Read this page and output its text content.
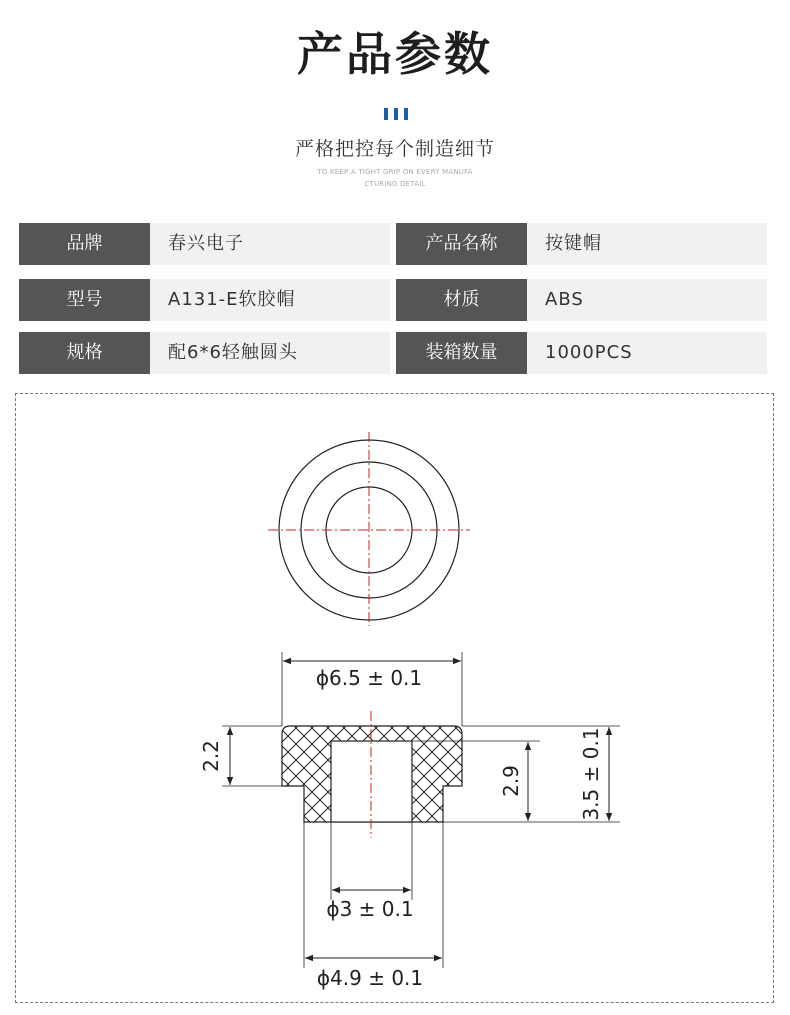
产品参数
严格把控每个制造细节
TO KEEP A TIGHT GRIP ON EVERY MANUFA
CTURING DETAIL
品牌	春兴电子	产品名称	按键帽
型号	A131-E软胶帽	材质	ABS
规格	配6*6轻触圆头	装箱数量	1000PCS
ϕ6.5 ± 0.1
2.2
2.9	3.5 ± 0.1
ϕ3 ± 0.1
ϕ4.9 ± 0.1
